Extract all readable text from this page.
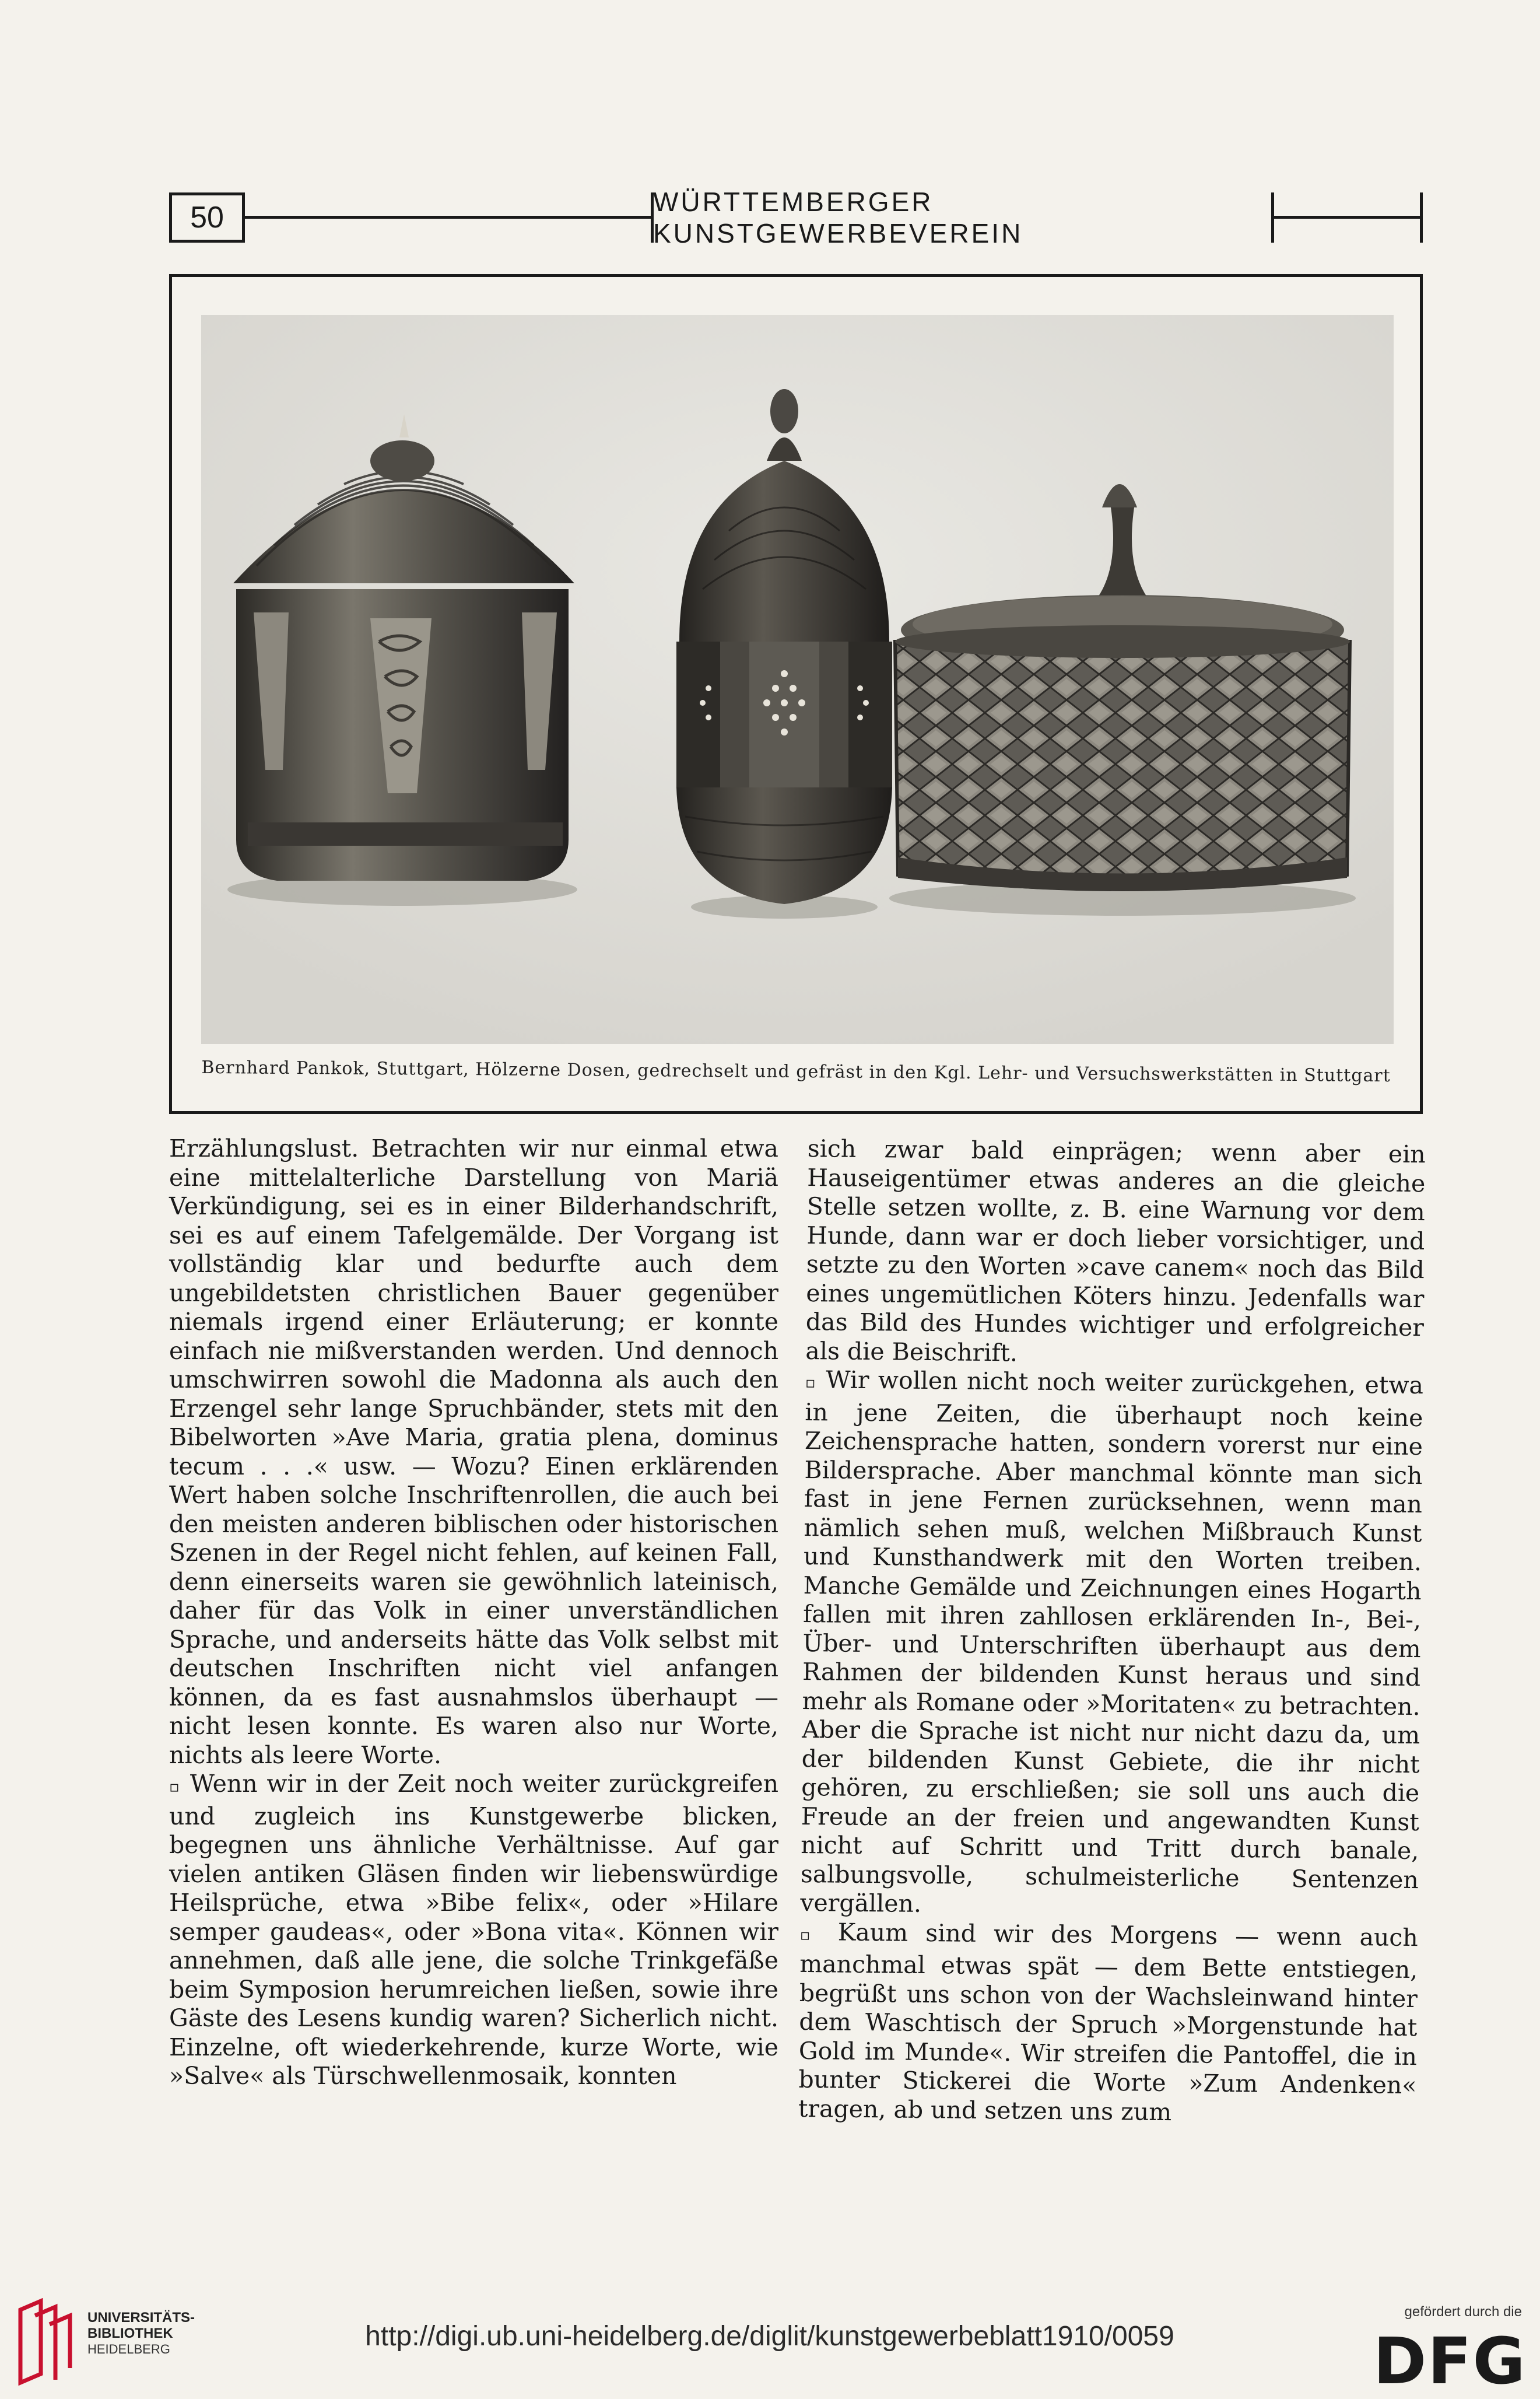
50	WÜRTTEMBERGER KUNSTGEWERBEVEREIN
Bernhard Pankok, Stuttgart, Hölzerne Dosen, gedrechselt und gefräst in den Kgl. Lehr- und Versuchswerkstätten in Stuttgart

Erzählungslust. Betrachten wir nur einmal etwa eine mittelalterliche Darstellung von Mariä Verkündigung, sei es in einer Bilderhandschrift, sei es auf einem Tafelgemälde. Der Vorgang ist vollständig klar und bedurfte auch dem ungebildetsten christlichen Bauer gegenüber niemals irgend einer Erläuterung; er konnte einfach nie mißverstanden werden. Und dennoch umschwirren sowohl die Madonna als auch den Erzengel sehr lange Spruchbänder, stets mit den Bibelworten »Ave Maria, gratia plena, dominus tecum . . .« usw. — Wozu? Einen erklärenden Wert haben solche Inschriftenrollen, die auch bei den meisten anderen biblischen oder historischen Szenen in der Regel nicht fehlen, auf keinen Fall, denn einerseits waren sie gewöhnlich lateinisch, daher für das Volk in einer unverständlichen Sprache, und anderseits hätte das Volk selbst mit deutschen Inschriften nicht viel anfangen können, da es fast ausnahmslos überhaupt — nicht lesen konnte. Es waren also nur Worte, nichts als leere Worte.

▫ Wenn wir in der Zeit noch weiter zurückgreifen und zugleich ins Kunstgewerbe blicken, begegnen uns ähnliche Verhältnisse. Auf gar vielen antiken Gläsen finden wir liebenswürdige Heilsprüche, etwa »Bibe felix«, oder »Hilare semper gaudeas«, oder »Bona vita«. Können wir annehmen, daß alle jene, die solche Trinkgefäße beim Symposion herumreichen ließen, sowie ihre Gäste des Lesens kundig waren? Sicherlich nicht. Einzelne, oft wiederkehrende, kurze Worte, wie »Salve« als Türschwellenmosaik, konnten

sich zwar bald einprägen; wenn aber ein Hauseigentümer etwas anderes an die gleiche Stelle setzen wollte, z. B. eine Warnung vor dem Hunde, dann war er doch lieber vorsichtiger, und setzte zu den Worten »cave canem« noch das Bild eines ungemütlichen Köters hinzu. Jedenfalls war das Bild des Hundes wichtiger und erfolgreicher als die Beischrift.

▫ Wir wollen nicht noch weiter zurückgehen, etwa in jene Zeiten, die überhaupt noch keine Zeichensprache hatten, sondern vorerst nur eine Bildersprache. Aber manchmal könnte man sich fast in jene Fernen zurücksehnen, wenn man nämlich sehen muß, welchen Mißbrauch Kunst und Kunsthandwerk mit den Worten treiben. Manche Gemälde und Zeichnungen eines Hogarth fallen mit ihren zahllosen erklärenden In-, Bei-, Über- und Unterschriften überhaupt aus dem Rahmen der bildenden Kunst heraus und sind mehr als Romane oder »Moritaten« zu betrachten. Aber die Sprache ist nicht nur nicht dazu da, um der bildenden Kunst Gebiete, die ihr nicht gehören, zu erschließen; sie soll uns auch die Freude an der freien und angewandten Kunst nicht auf Schritt und Tritt durch banale, salbungsvolle, schulmeisterliche Sentenzen vergällen.

▫ Kaum sind wir des Morgens — wenn auch manchmal etwas spät — dem Bette entstiegen, begrüßt uns schon von der Wachsleinwand hinter dem Waschtisch der Spruch »Morgenstunde hat Gold im Munde«. Wir streifen die Pantoffel, die in bunter Stickerei die Worte »Zum Andenken« tragen, ab und setzen uns zum

UNIVERSITÄTS-
BIBLIOTHEK
HEIDELBERG	http://digi.ub.uni-heidelberg.de/diglit/kunstgewerbeblatt1910/0059
gefördert durch die
DFG
